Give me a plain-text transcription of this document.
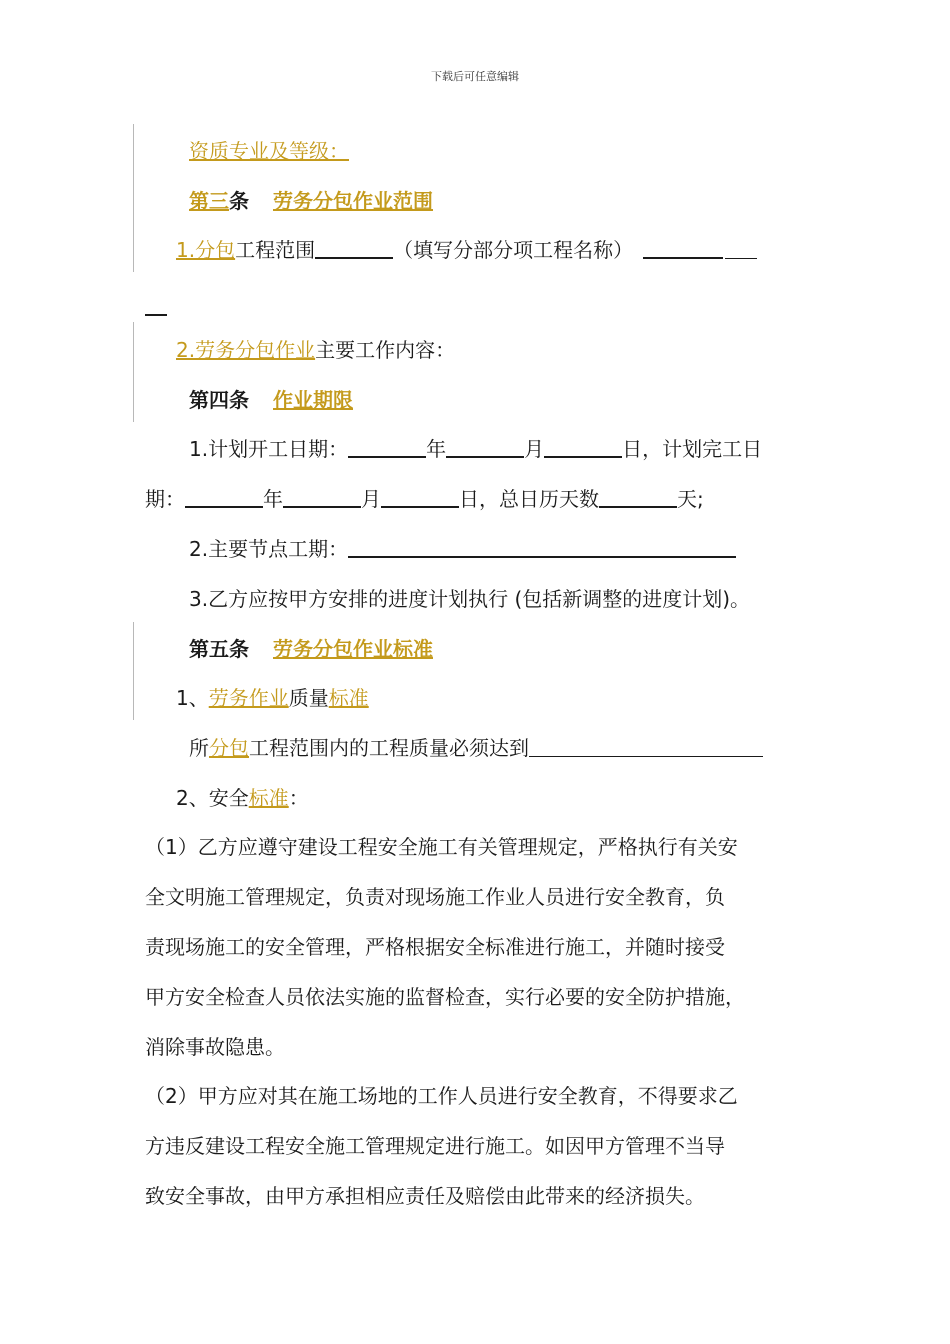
下载后可任意编辑
资质专业及等级：
第三条 劳务分包作业范围
1.分包工程范围	（填写分部分项工程名称）
2.劳务分包作业主要工作内容：
第四条 作业期限
1.计划开工日期：	年	月	日，计划完工日
期：	年	月	日，总日历天数	天;
2.主要节点工期：
3.乙方应按甲方安排的进度计划执行 (包括新调整的进度计划)。
第五条 劳务分包作业标准
1、劳务作业质量标准
所分包工程范围内的工程质量必须达到
2、安全标准：
（1）乙方应遵守建设工程安全施工有关管理规定，严格执行有关安
全文明施工管理规定，负责对现场施工作业人员进行安全教育，负
责现场施工的安全管理，严格根据安全标准进行施工，并随时接受
甲方安全检查人员依法实施的监督检查，实行必要的安全防护措施，
消除事故隐患。
（2）甲方应对其在施工场地的工作人员进行安全教育，不得要求乙
方违反建设工程安全施工管理规定进行施工。如因甲方管理不当导
致安全事故，由甲方承担相应责任及赔偿由此带来的经济损失。
